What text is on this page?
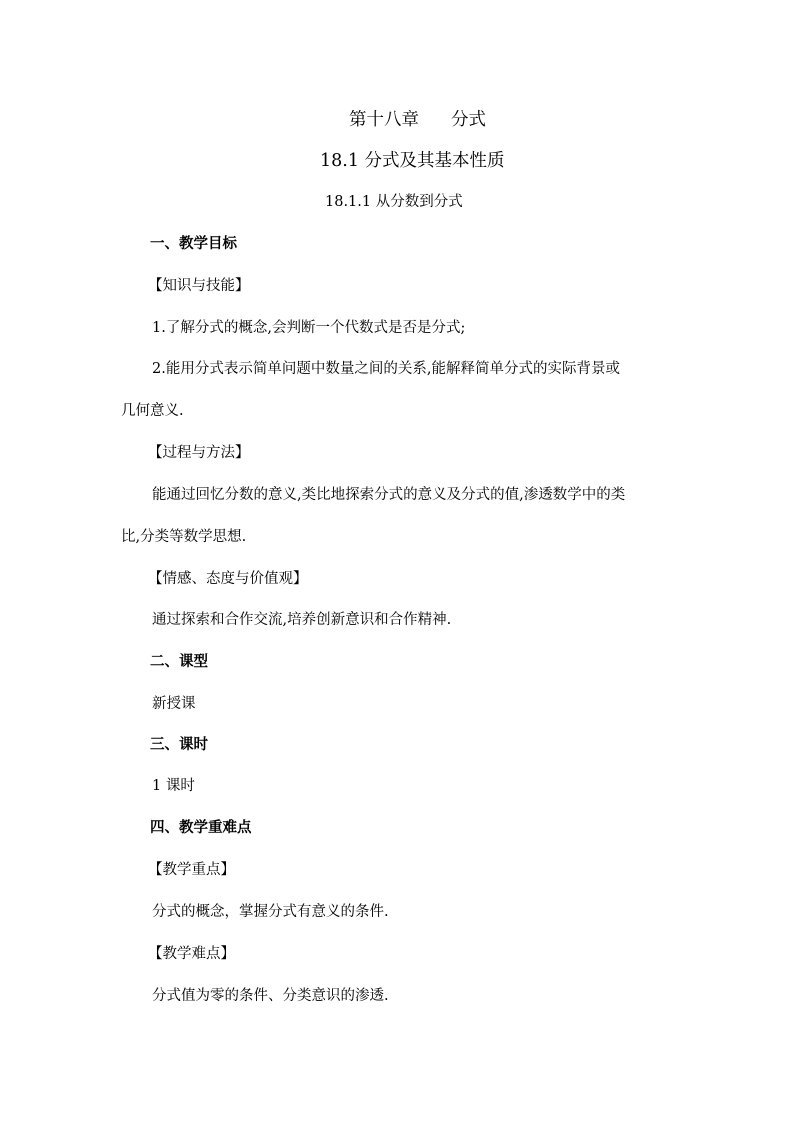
第十八章 分式
18.1 分式及其基本性质
18.1.1 从分数到分式
一、教学目标
【知识与技能】
1.了解分式的概念,会判断一个代数式是否是分式;
2.能用分式表示简单问题中数量之间的关系,能解释简单分式的实际背景或
几何意义.
【过程与方法】
能通过回忆分数的意义,类比地探索分式的意义及分式的值,渗透数学中的类
比,分类等数学思想.
【情感、态度与价值观】
通过探索和合作交流,培养创新意识和合作精神.
二、课型
新授课
三、课时
1 课时
四、教学重难点
【教学重点】
分式的概念，掌握分式有意义的条件.
【教学难点】
分式值为零的条件、分类意识的渗透.
